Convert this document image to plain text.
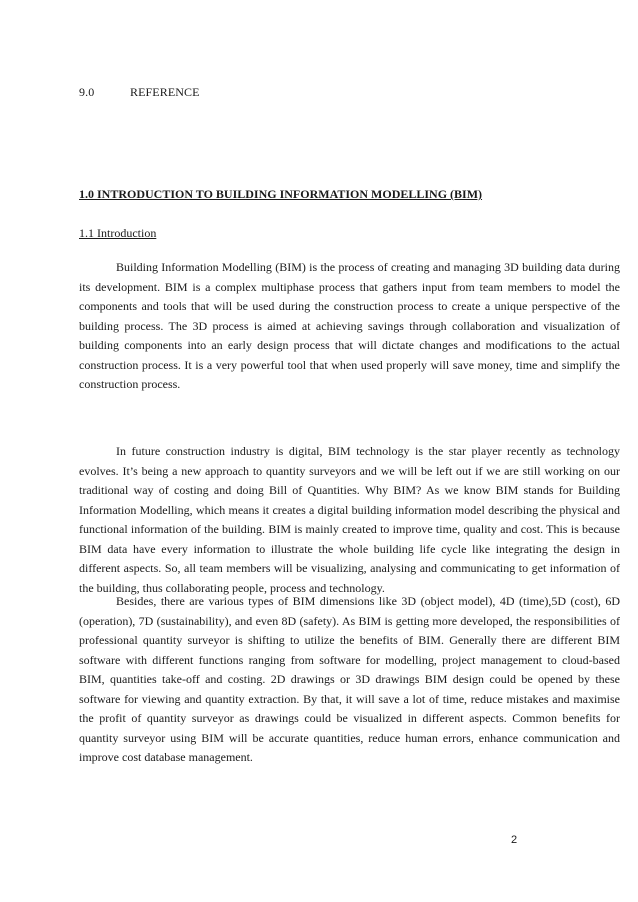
9.0	REFERENCE
1.0 INTRODUCTION TO BUILDING INFORMATION MODELLING (BIM)
1.1 Introduction

Building Information Modelling (BIM) is the process of creating and managing 3D building data during its development. BIM is a complex multiphase process that gathers input from team members to model the components and tools that will be used during the construction process to create a unique perspective of the building process. The 3D process is aimed at achieving savings through collaboration and visualization of building components into an early design process that will dictate changes and modifications to the actual construction process. It is a very powerful tool that when used properly will save money, time and simplify the construction process.

In future construction industry is digital, BIM technology is the star player recently as technology evolves. It’s being a new approach to quantity surveyors and we will be left out if we are still working on our traditional way of costing and doing Bill of Quantities. Why BIM? As we know BIM stands for Building Information Modelling, which means it creates a digital building information model describing the physical and functional information of the building. BIM is mainly created to improve time, quality and cost. This is because BIM data have every information to illustrate the whole building life cycle like integrating the design in different aspects. So, all team members will be visualizing, analysing and communicating to get information of the building, thus collaborating people, process and technology.

Besides, there are various types of BIM dimensions like 3D (object model), 4D (time),5D (cost), 6D (operation), 7D (sustainability), and even 8D (safety). As BIM is getting more developed, the responsibilities of professional quantity surveyor is shifting to utilize the benefits of BIM. Generally there are different BIM software with different functions ranging from software for modelling, project management to cloud-based BIM, quantities take-off and costing. 2D drawings or 3D drawings BIM design could be opened by these software for viewing and quantity extraction. By that, it will save a lot of time, reduce mistakes and maximise the profit of quantity surveyor as drawings could be visualized in different aspects. Common benefits for quantity surveyor using BIM will be accurate quantities, reduce human errors, enhance communication and improve cost database management.

2
